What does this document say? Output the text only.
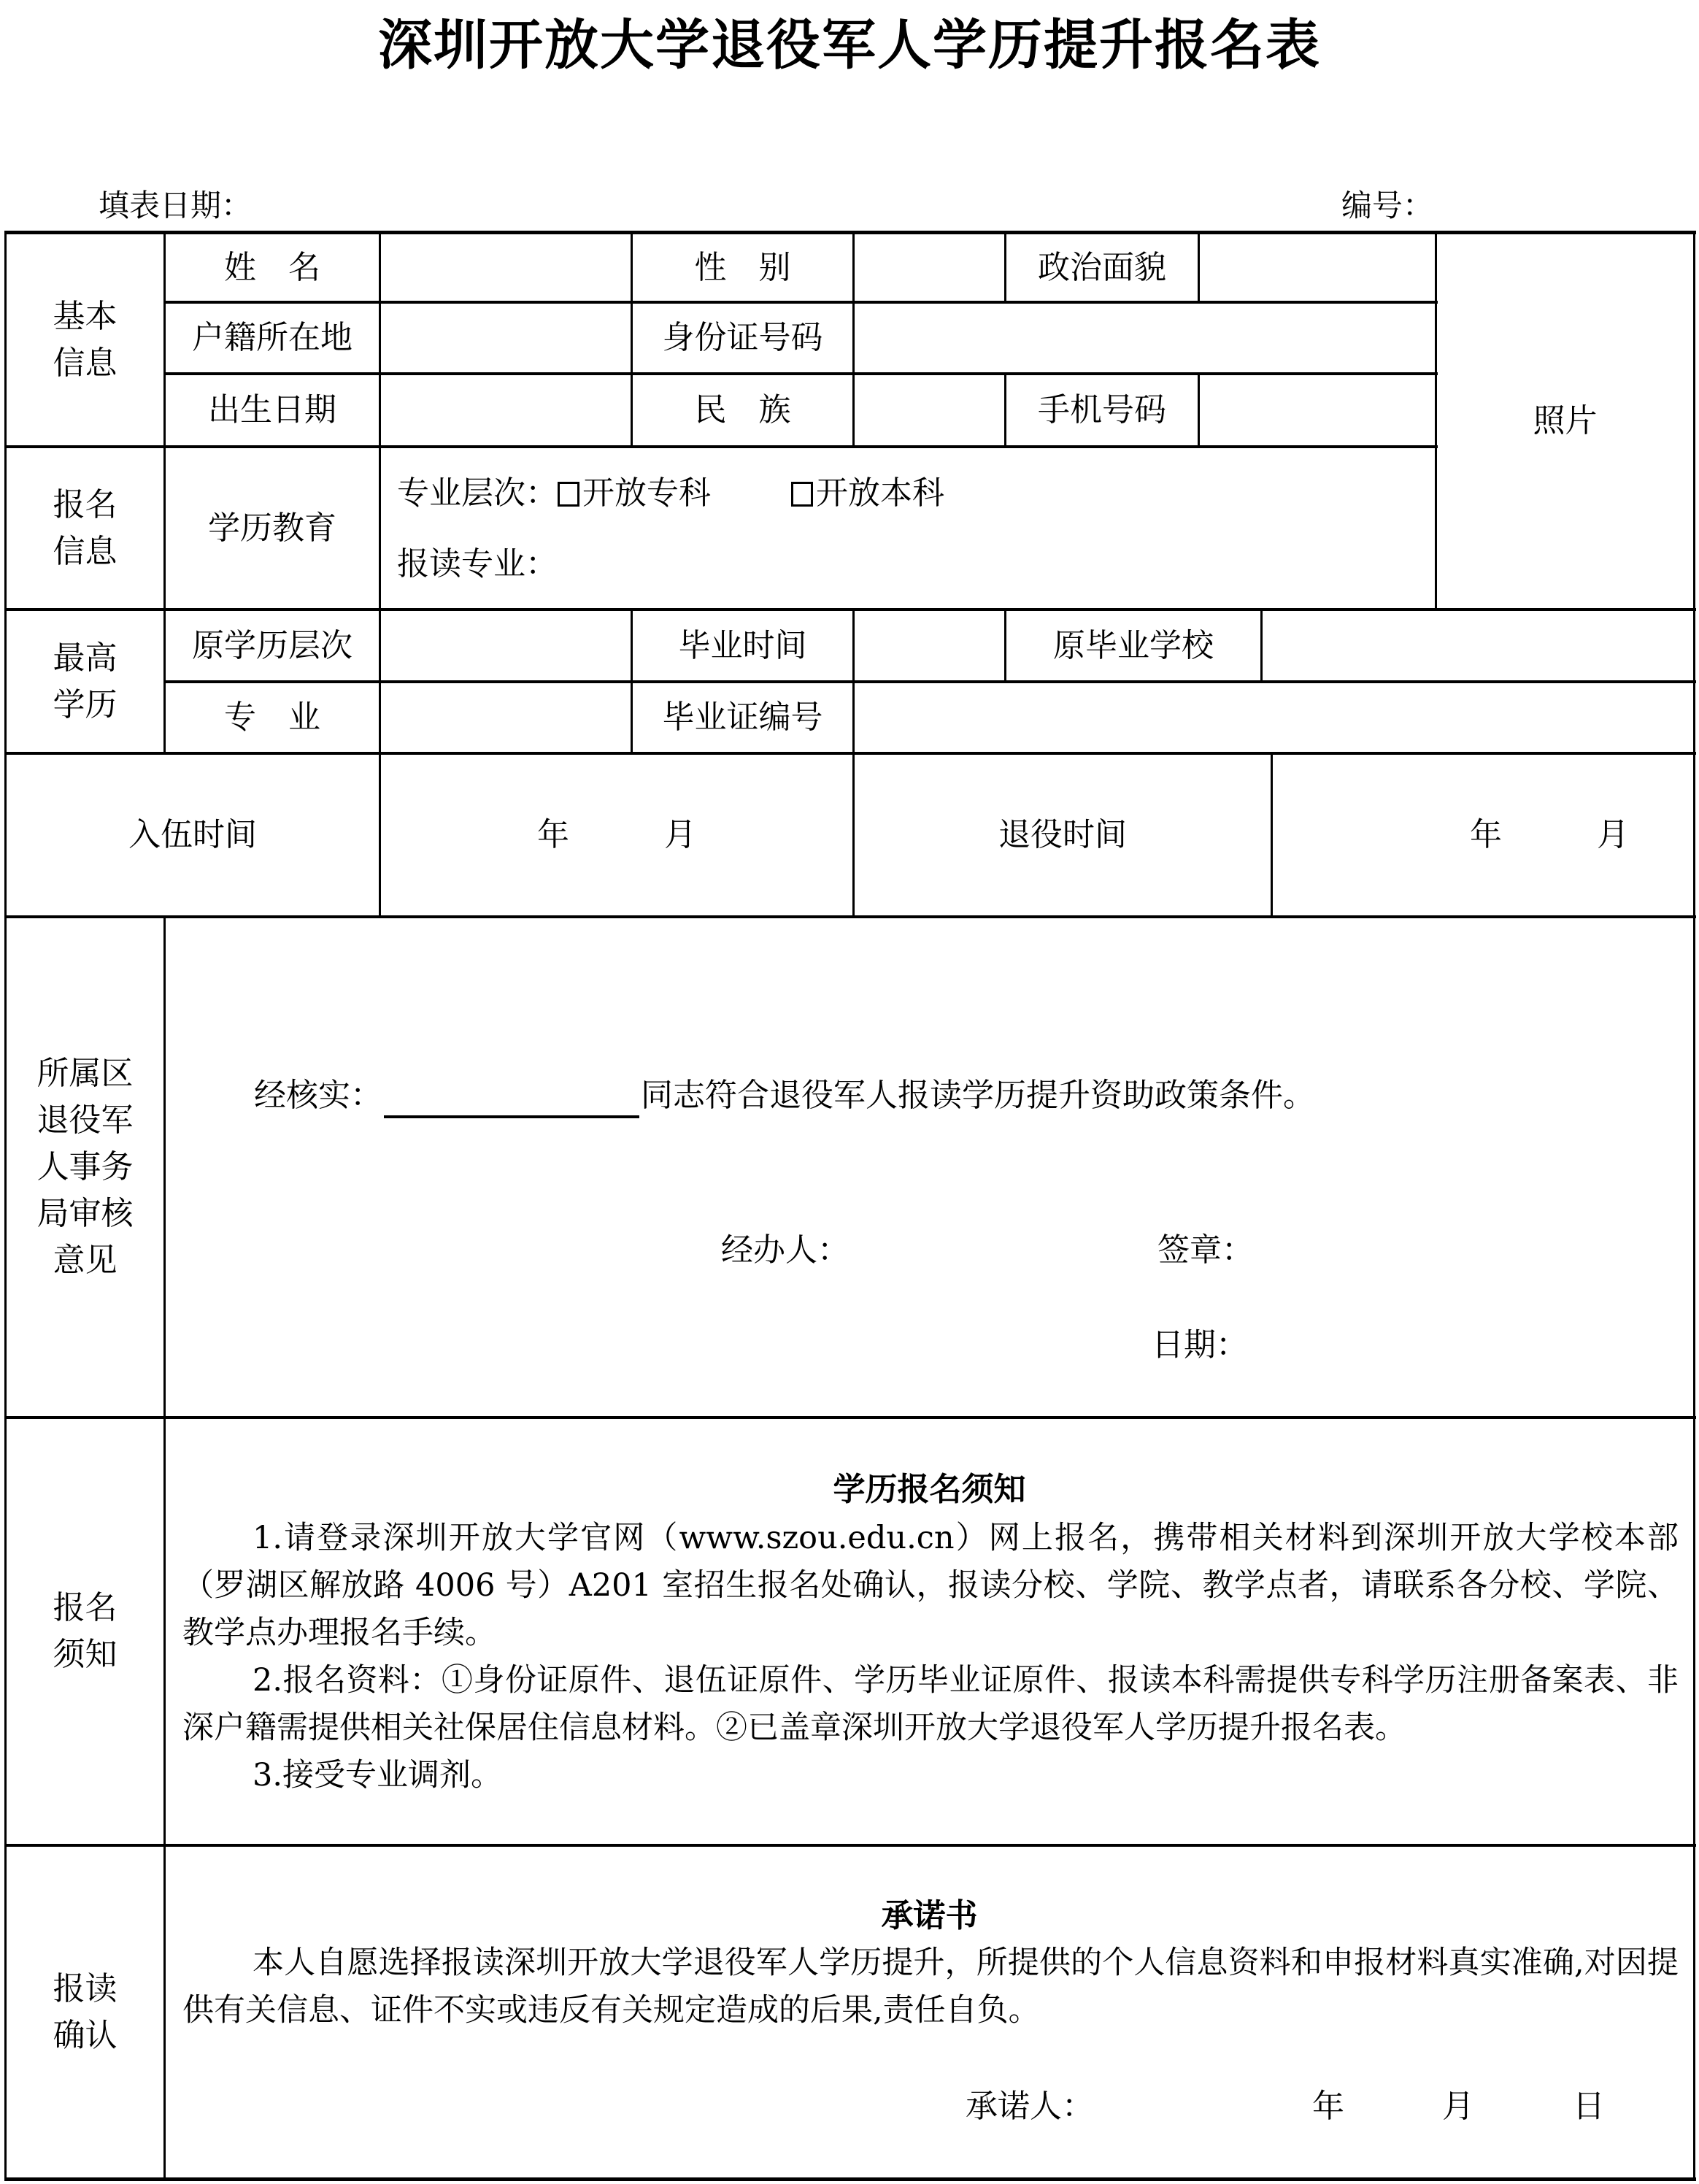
深圳开放大学退役军人学历提升报名表
填表日期：	编号：
基本信息
姓　名	性　别	政治面貌
户籍所在地	身份证号码
出生日期	民　族	手机号码	照片
报名信息
学历教育
专业层次： 开放专科	开放本科
报读专业：
最高学历
原学历层次	毕业时间	原毕业学校
专　业	毕业证编号
入伍时间	年	月	退役时间	年	月
所属区
退役军
人事务
局审核
意见
经核实：	同志符合退役军人报读学历提升资助政策条件。
经办人：	签章：
日期：
报名须知
学历报名须知
1.请登录深圳开放大学官网（www.szou.edu.cn）网上报名，携带相关材料到深圳开放大学校本部（罗湖区解放路 4006 号）A201 室招生报名处确认，报读分校、学院、教学点者，请联系各分校、学院、教学点办理报名手续。
2.报名资料：①身份证原件、退伍证原件、学历毕业证原件、报读本科需提供专科学历注册备案表、非深户籍需提供相关社保居住信息材料。②已盖章深圳开放大学退役军人学历提升报名表。
3.接受专业调剂。
报读确认
承诺书
本人自愿选择报读深圳开放大学退役军人学历提升，所提供的个人信息资料和申报材料真实准确,对因提供有关信息、证件不实或违反有关规定造成的后果,责任自负。
承诺人：	年	月	日
